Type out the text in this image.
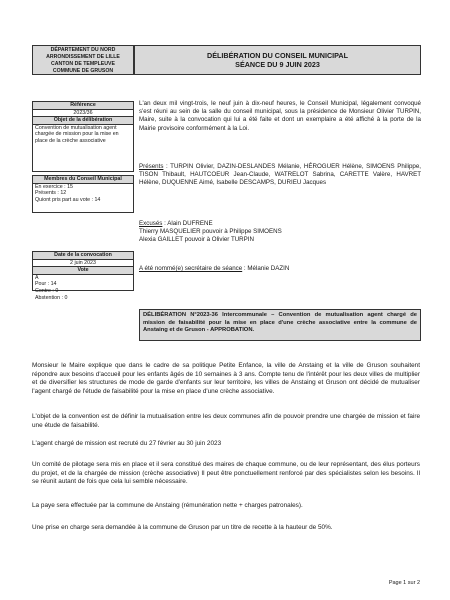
DÉPARTEMENT DU NORD
ARRONDISSEMENT DE LILLE
CANTON DE TEMPLEUVE
COMMUNE DE GRUSON
DÉLIBÉRATION DU CONSEIL MUNICIPAL
SÉANCE DU 9 JUIN 2023
Référence
2023/36
Objet de la délibération
Convention de mutualisation agent chargée de mission pour la mise en place de la crèche associative
Membres du Conseil Municipal
En exercice : 15
Présents : 12
Quiont pris part au vote : 14
Date de la convocation
2 juin 2023
Vote
A
Pour : 14
Contre : 0
Abstention : 0
L'an deux mil vingt-trois, le neuf juin à dix-neuf heures, le Conseil Municipal, légalement convoqué s'est réuni au sein de la salle du conseil municipal, sous la présidence de Monsieur Olivier TURPIN, Maire, suite à la convocation qui lui a été faite et dont un exemplaire a été affiché à la porte de la Mairie provisoire conformément à la Loi.
Présents : TURPIN Olivier, DAZIN-DESLANDES Mélanie, HÉROGUER Hélène, SIMOENS Philippe, TISON Thibault, HAUTCOEUR Jean-Claude, WATRELOT Sabrina, CARETTE Valère, HAVRET Hélène, DUQUENNE Aimé, Isabelle DESCAMPS, DURIEU Jacques
Excusés : Alain DUFRENE
Thierry MASQUELIER pouvoir à Philippe SIMOENS
Alexia GAILLET pouvoir à Olivier TURPIN
A été nommé(e) secrétaire de séance : Mélanie DAZIN
DÉLIBÉRATION N°2023-36 Intercommunale – Convention de mutualisation agent chargé de mission de faisabilité pour la mise en place d'une crèche associative entre la commune de Anstaing et de Gruson - APPROBATION.
Monsieur le Maire explique que dans le cadre de sa politique Petite Enfance, la ville de Anstaing et la ville de Gruson souhaitent répondre aux besoins d'accueil pour les enfants âgés de 10 semaines à 3 ans. Compte tenu de l'intérêt pour les deux villes de multiplier et de diversifier les structures de mode de garde d'enfants sur leur territoire, les villes de Anstaing et Gruson ont décidé de mutualiser l'agent chargé de l'étude de faisabilité pour la mise en place d'une crèche associative.
L'objet de la convention est de définir la mutualisation entre les deux communes afin de pouvoir prendre une chargée de mission et faire une étude de faisabilité.
L'agent chargé de mission est recruté du 27 février au 30 juin 2023
Un comité de pilotage sera mis en place et il sera constitué des maires de chaque commune, ou de leur représentant, des élus porteurs du projet, et de la chargée de mission (crèche associative) Il peut être ponctuellement renforcé par des spécialistes selon les besoins. Il se réunit autant de fois que cela lui semble nécessaire.
La paye sera effectuée par la commune de Anstaing (rémunération nette + charges patronales).
Une prise en charge sera demandée à la commune de Gruson par un titre de recette à la hauteur de 50%.
Page 1 sur 2
